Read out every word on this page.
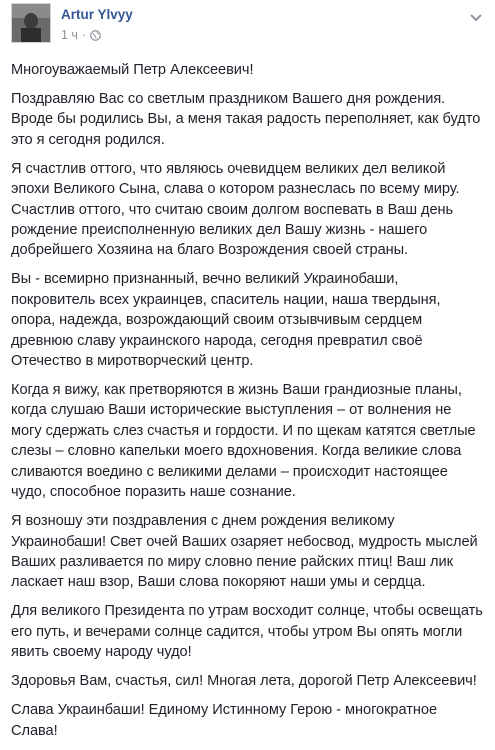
Artur Ylvyy
1 ч ·

Многоуважаемый Петр Алексеевич!

Поздравляю Вас со светлым праздником Вашего дня рождения. Вроде бы родились Вы, а меня такая радость переполняет, как будто это я сегодня родился.

Я счастлив оттого, что являюсь очевидцем великих дел великой эпохи Великого Сына, слава о котором разнеслась по всему миру. Счастлив оттого, что считаю своим долгом воспевать в Ваш день рождение преисполненную великих дел Вашу жизнь - нашего добрейшего Хозяина на благо Возрождения своей страны.

Вы - всемирно признанный, вечно великий Украинобаши, покровитель всех украинцев, спаситель нации, наша твердыня, опора, надежда, возрождающий своим отзывчивым сердцем древнюю славу украинского народа, сегодня превратил своё Отечество в миротворческий центр.

Когда я вижу, как претворяются в жизнь Ваши грандиозные планы, когда слушаю Ваши исторические выступления – от волнения не могу сдержать слез счастья и гордости. И по щекам катятся светлые слезы – словно капельки моего вдохновения. Когда великие слова сливаются воедино с великими делами – происходит настоящее чудо, способное поразить наше сознание.

Я возношу эти поздравления с днем рождения великому Украинобаши! Свет очей Ваших озаряет небосвод, мудрость мыслей Ваших разливается по миру словно пение райских птиц! Ваш лик ласкает наш взор, Ваши слова покоряют наши умы и сердца.

Для великого Президента по утрам восходит солнце, чтобы освещать его путь, и вечерами солнце садится, чтобы утром Вы опять могли явить своему народу чудо!

Здоровья Вам, счастья, сил! Многая лета, дорогой Петр Алексеевич!

Слава Украинбаши! Единому Истинному Герою - многократное Слава!
